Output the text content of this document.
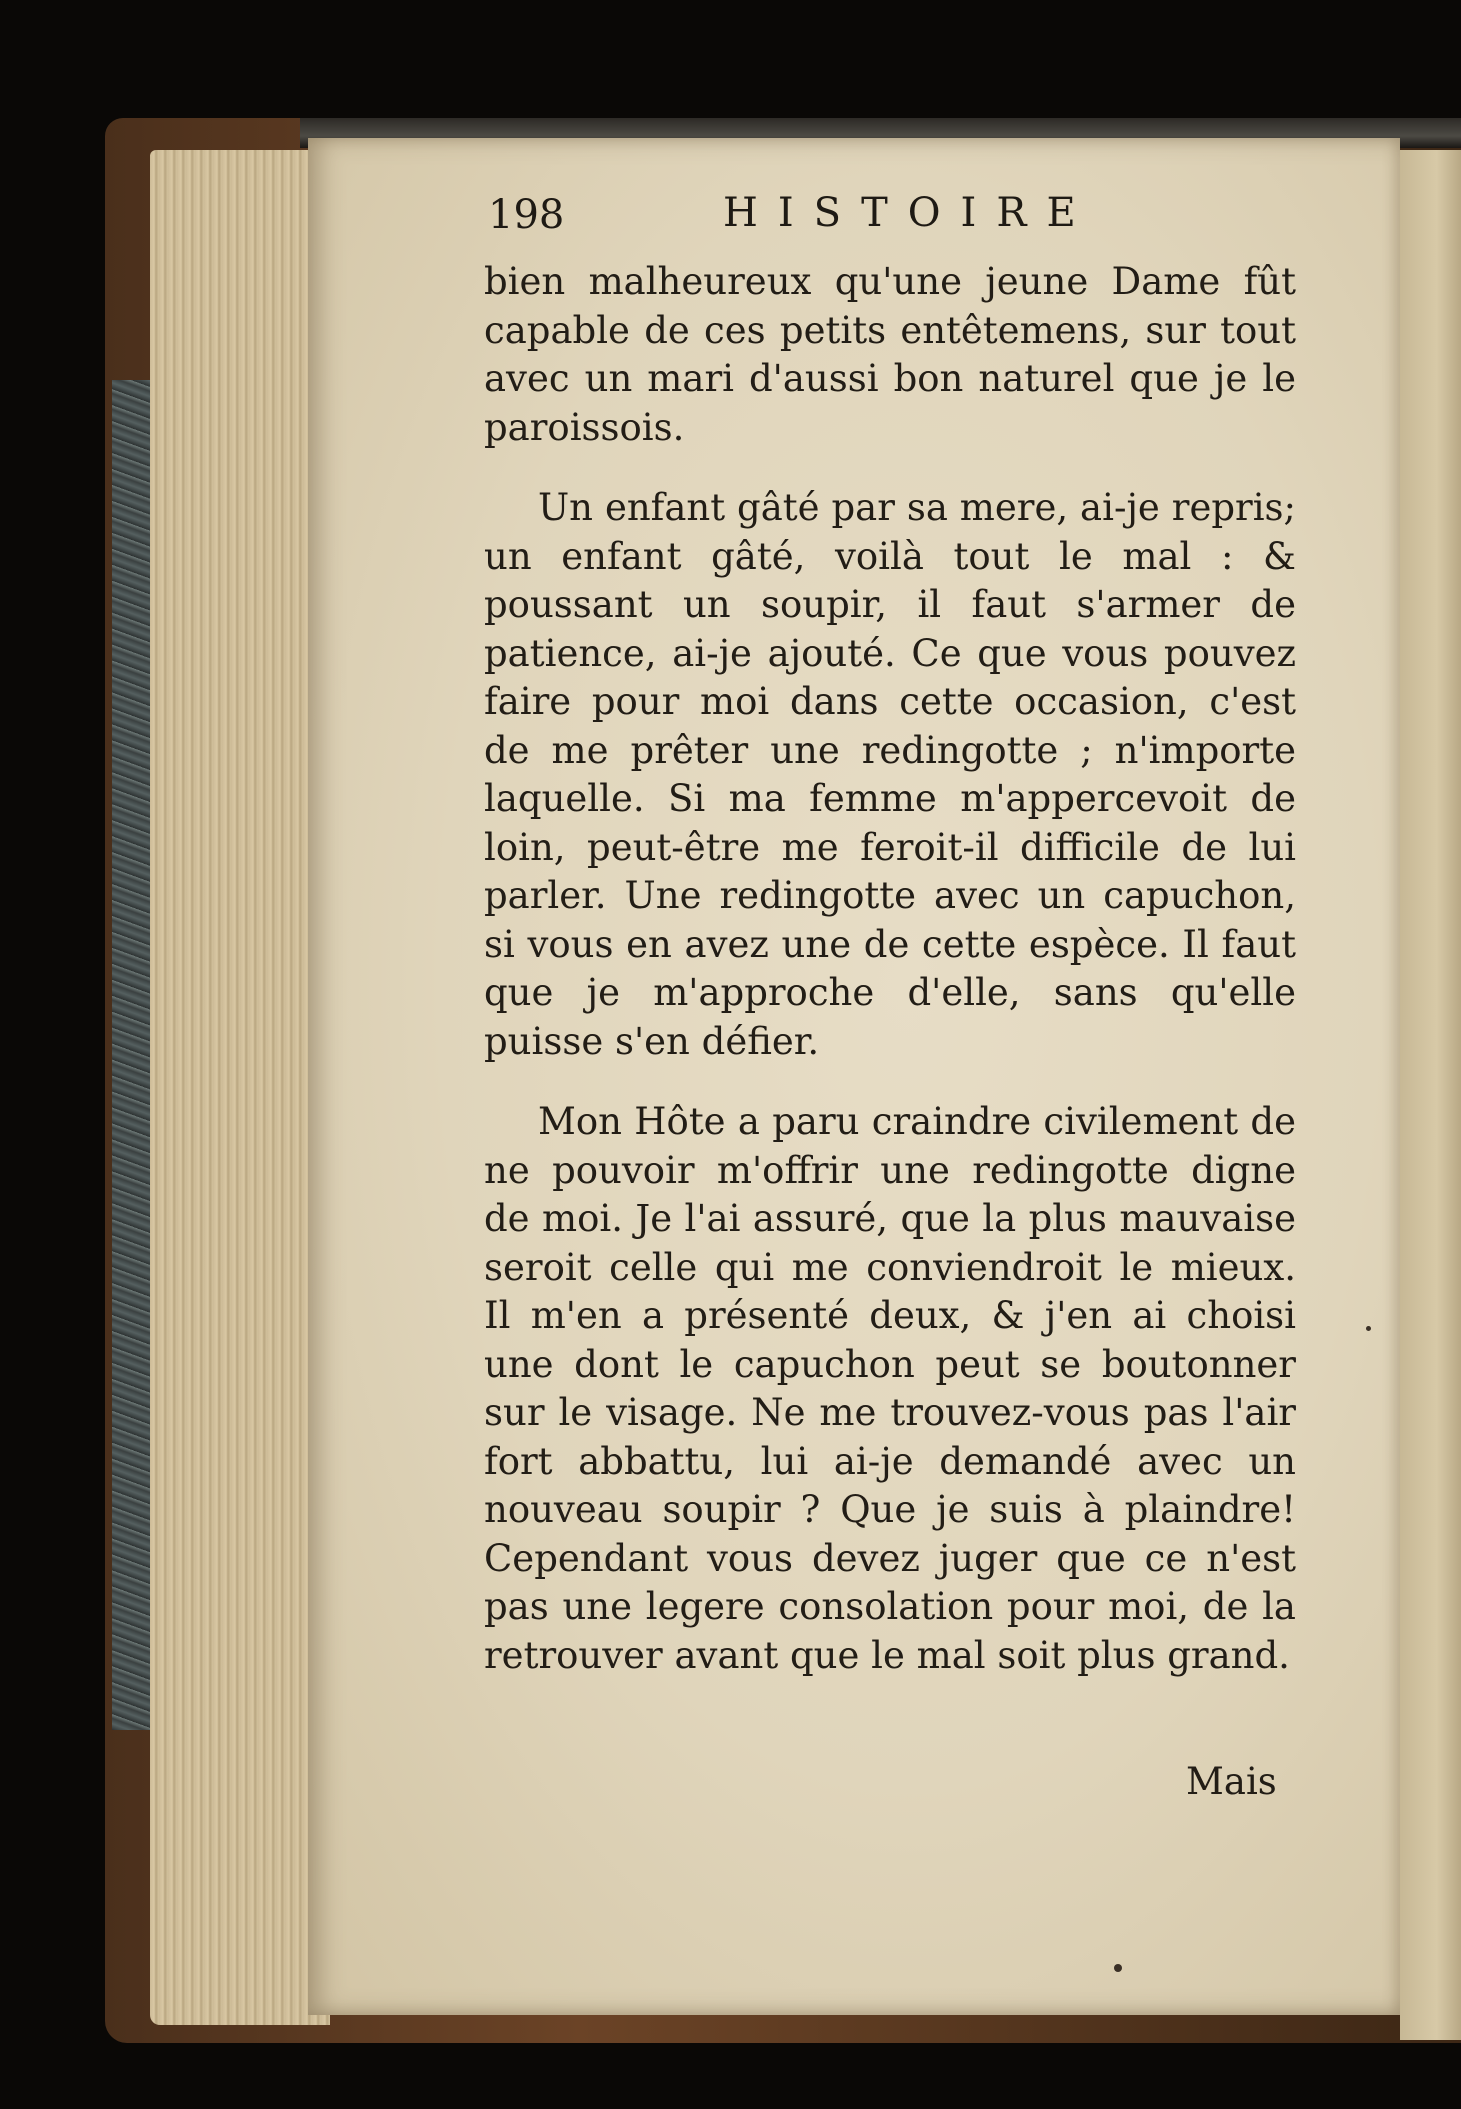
198	HISTOIRE

bien malheureux qu'une jeune Dame fût capable de ces petits entêtemens, sur tout avec un mari d'aussi bon naturel que je le paroissois.

Un enfant gâté par sa mere, ai-je repris; un enfant gâté, voilà tout le mal : & poussant un soupir, il faut s'armer de patience, ai-je ajouté. Ce que vous pouvez faire pour moi dans cette occasion, c'est de me prêter une redingotte ; n'importe laquelle. Si ma femme m'appercevoit de loin, peut-être me feroit-il difficile de lui parler. Une redingotte avec un capuchon, si vous en avez une de cette espèce. Il faut que je m'approche d'elle, sans qu'elle puisse s'en défier.

Mon Hôte a paru craindre civilement de ne pouvoir m'offrir une redingotte digne de moi. Je l'ai assuré, que la plus mauvaise seroit celle qui me conviendroit le mieux. Il m'en a présenté deux, & j'en ai choisi une dont le capuchon peut se boutonner sur le visage. Ne me trouvez-vous pas l'air fort abbattu, lui ai-je demandé avec un nouveau soupir ? Que je suis à plaindre! Cependant vous devez juger que ce n'est pas une legere consolation pour moi, de la retrouver avant que le mal soit plus grand.

Mais
